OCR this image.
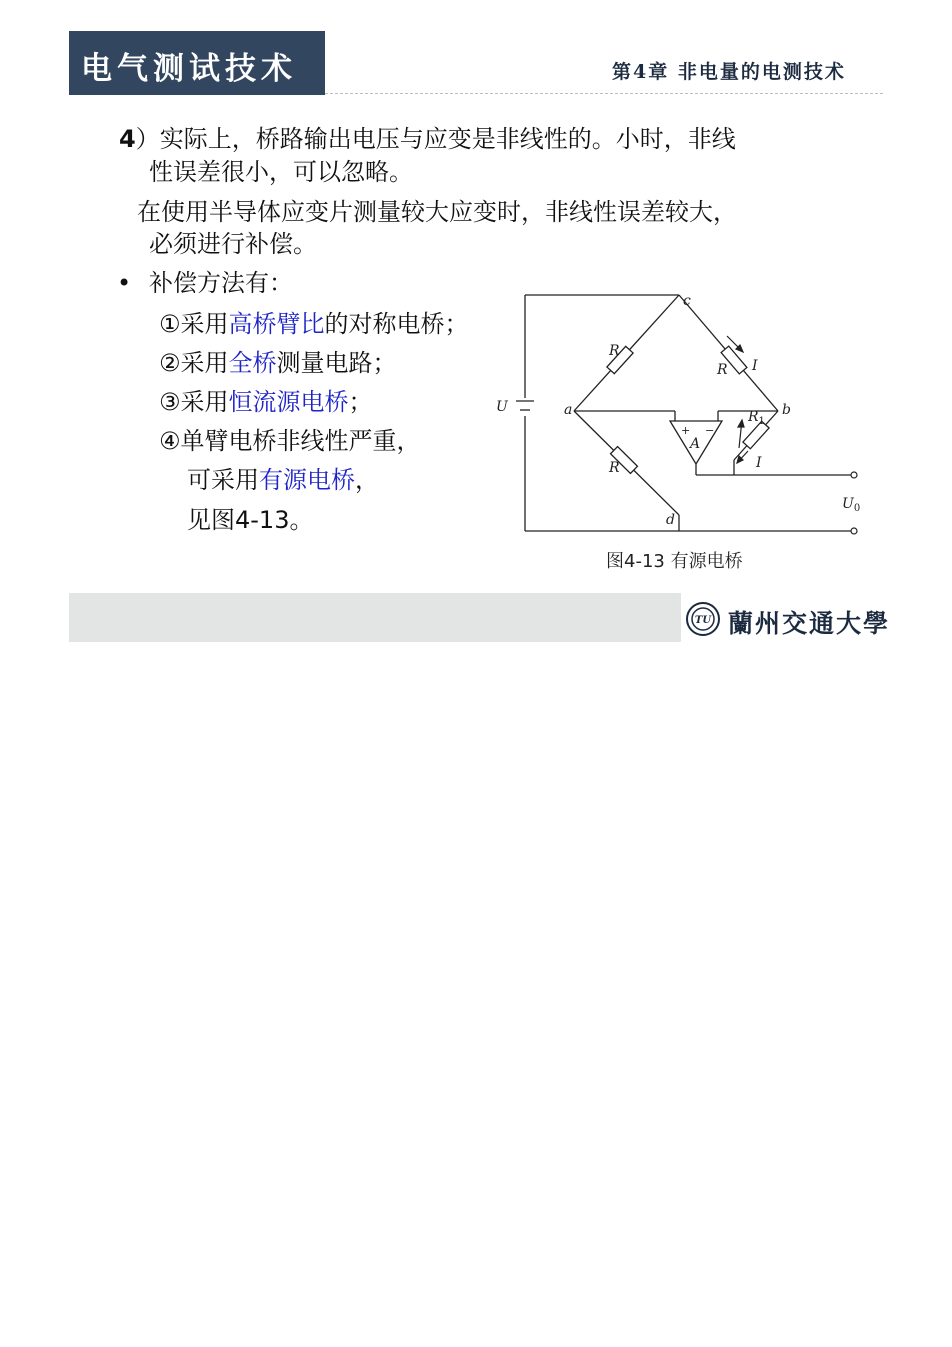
电气测试技术	第4章 非电量的电测技术
4）实际上，桥路输出电压与应变是非线性的。小时，非线
性误差很小，可以忽略。
在使用半导体应变片测量较大应变时，非线性误差较大，
必须进行补偿。
• 补偿方法有：
①采用高桥臂比的对称电桥；
②采用全桥测量电路；
③采用恒流源电桥；
④单臂电桥非线性严重，
可采用有源电桥，
见图4-13。
c
a	b
d
U
R
R I
$R_1$
I
R
A
+ −
$U_0$
图4-13 有源电桥
TU 蘭州交通大學
